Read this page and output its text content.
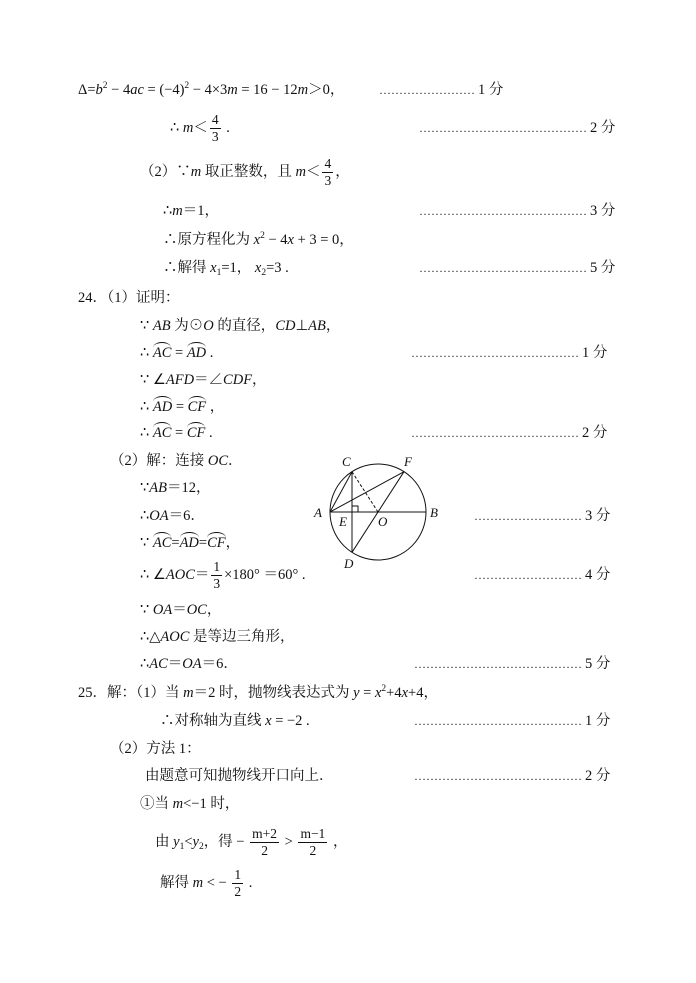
$\Delta=b^2 - 4ac = (-4)^2 - 4\times 3m = 16 - 12m>0$，	…………………… 1 分
∴ $m< \frac{4}{3}$ .	…………………………………… 2 分
（2）∵m 取正整数，且 $m< \frac{4}{3}$ ，
∴m＝1，	…………………………………… 3 分
∴原方程化为 $x^2 - 4x + 3 = 0$，
∴解得 $x_1=1$， $x_2=3$ .	…………………………………… 5 分
24．（1）证明：
∵ AB 为⊙O 的直径，CD⊥AB，
∴ AC = AD .	…………………………………… 1 分
∵ ∠AFD＝∠CDF，
∴ AD = CF ，
∴ AC = CF .	…………………………………… 2 分
（2）解：连接 OC．
∵AB＝12，
∴OA＝6．	……………………… 3 分
∵ AC=AD=CF，
∴ ∠AOC＝ $\frac{1}{3} \times 180^\circ =60^\circ$ .	……………………… 4 分
∵ OA＝OC，
∴△AOC 是等边三角形，
∴AC＝OA＝6．	…………………………………… 5 分
25．解：（1）当 m＝2 时，抛物线表达式为 $y = x^2+4x+4$，
∴对称轴为直线 x = −2 .	…………………………………… 1 分
（2）方法 1：
由题意可知抛物线开口向上．	…………………………………… 2 分
①当 m<−1 时，
由 $y_1<y_2$，得 − $\frac{m+2}{2} > \frac{m-1}{2}$ ，
解得 m < − $\frac{1}{2}$ .
C	F
A
E O
B
D
